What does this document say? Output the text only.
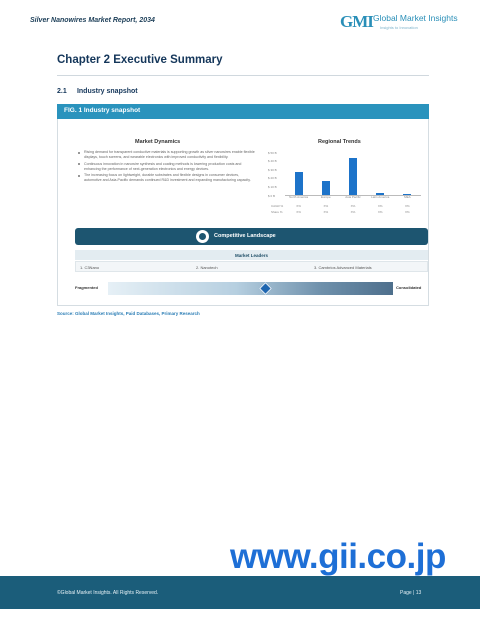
Silver Nanowires Market Report, 2034	GMI Global Market Insights
Insights to Innovation
Chapter 2 Executive Summary
2.1 Industry snapshot
FIG. 1 Industry snapshot
Market Dynamics
Rising demand for transparent conductive materials is supporting growth as silver nanowires enable flexible displays, touch screens, and wearable electronics with improved conductivity and flexibility.
Continuous innovation in nanowire synthesis and coating methods is lowering production costs and enhancing the performance of next-generation electronics and energy devices.
The increasing focus on lightweight, durable substrates and flexible designs in consumer devices, automotive and Asia-Pacific demands continued R&D investment and expanding manufacturing capacity.
Regional Trends
$ 50 B
$ 40 B
$ 30 B
$ 20 B
$ 10 B
$ 0 B	North America	Europe	Asia Pacific	Latin America	MEA
CAGR %	X%	X%	X%	X%	X%
Share %	X%	X%	X%	X%	X%
Competitive Landscape
Market Leaders
1. C3Nano	2. Nanotech	3. Cambrios Advanced Materials
Fragmented	Consolidated
Source: Global Market Insights, Paid Databases, Primary Research
www.gii.co.jp
©Global Market Insights. All Rights Reserved.	Page | 13
